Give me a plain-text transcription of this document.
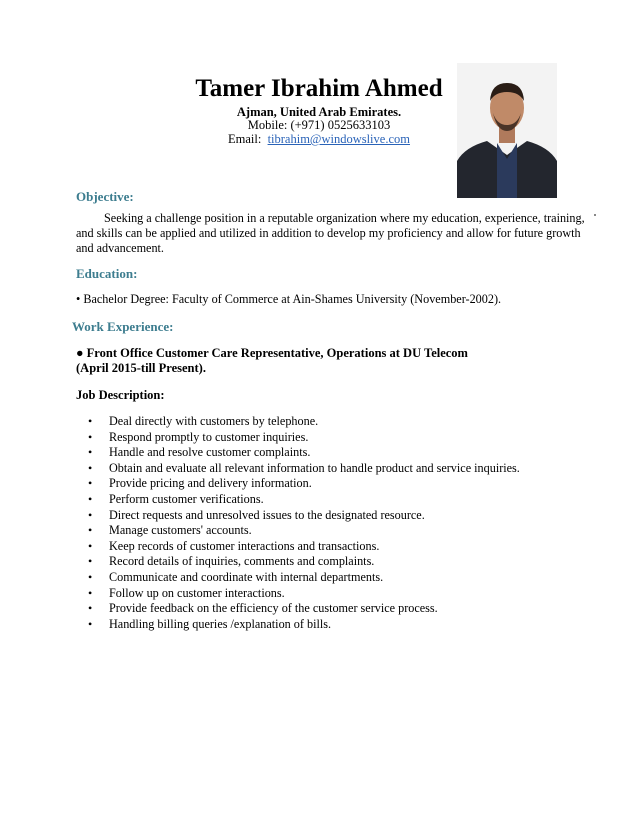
Tamer Ibrahim Ahmed
Ajman, United Arab Emirates.
Mobile: (+971) 0525633103
Email: tibrahim@windowslive.com
Objective:
Seeking a challenge position in a reputable organization where my education, experience, training,
and skills can be applied and utilized in addition to develop my proficiency and allow for future growth
and advancement.
Education:
• Bachelor Degree: Faculty of Commerce at Ain-Shames University (November-2002).
Work Experience:
● Front Office Customer Care Representative, Operations at DU Telecom
(April 2015-till Present).
Job Description:
• Deal directly with customers by telephone.
• Respond promptly to customer inquiries.
• Handle and resolve customer complaints.
• Obtain and evaluate all relevant information to handle product and service inquiries.
• Provide pricing and delivery information.
• Perform customer verifications.
• Direct requests and unresolved issues to the designated resource.
• Manage customers' accounts.
• Keep records of customer interactions and transactions.
• Record details of inquiries, comments and complaints.
• Communicate and coordinate with internal departments.
• Follow up on customer interactions.
• Provide feedback on the efficiency of the customer service process.
• Handling billing queries /explanation of bills.
